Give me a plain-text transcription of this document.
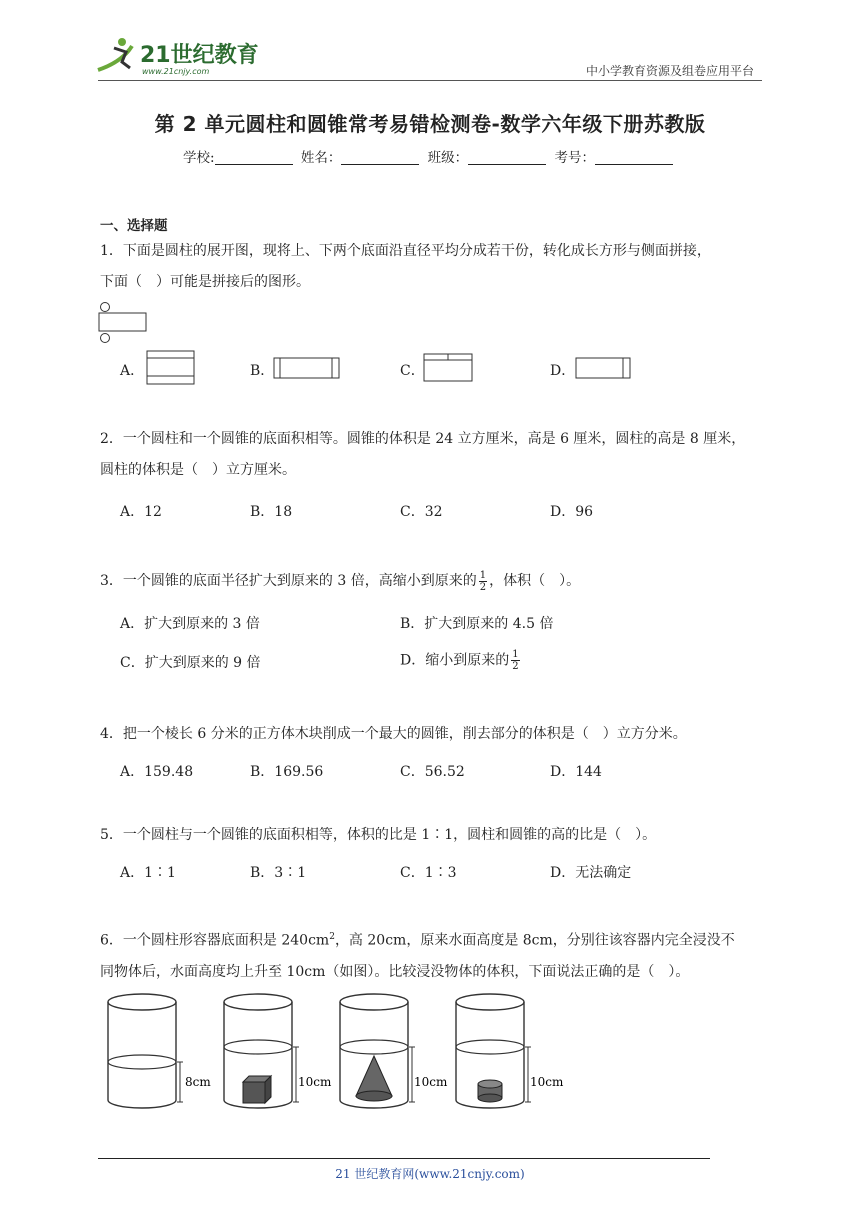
21世纪教育
www.21cnjy.com	中小学教育资源及组卷应用平台
第 2 单元圆柱和圆锥常考易错检测卷-数学六年级下册苏教版
学校:	姓名：	班级：	考号：
一、选择题
1．下面是圆柱的展开图，现将上、下两个底面沿直径平均分成若干份，转化成长方形与侧面拼接，
下面（　）可能是拼接后的图形。
A．	B．	C．	D．
2．一个圆柱和一个圆锥的底面积相等。圆锥的体积是 24 立方厘米，高是 6 厘米，圆柱的高是 8 厘米，
圆柱的体积是（　）立方厘米。
A．12	B．18	C．32	D．96
3．一个圆锥的底面半径扩大到原来的 3 倍，高缩小到原来的 $\frac{1}{2}$ ，体积（　）。
A．扩大到原来的 3 倍	B．扩大到原来的 4.5 倍
C．扩大到原来的 9 倍	D．缩小到原来的 $\frac{1}{2}$
4．把一个棱长 6 分米的正方体木块削成一个最大的圆锥，削去部分的体积是（　）立方分米。
A．159.48	B．169.56	C．56.52	D．144
5．一个圆柱与一个圆锥的底面积相等，体积的比是 1∶1，圆柱和圆锥的高的比是（　）。
A．1∶1	B．3∶1	C．1∶3	D．无法确定
6．一个圆柱形容器底面积是 $240cm^2$，高 20cm，原来水面高度是 8cm，分别往该容器内完全浸没不
同物体后，水面高度均上升至 10cm（如图）。比较浸没物体的体积，下面说法正确的是（　）。
8cm	10cm	10cm	10cm
21 世纪教育网(www.21cnjy.com)
